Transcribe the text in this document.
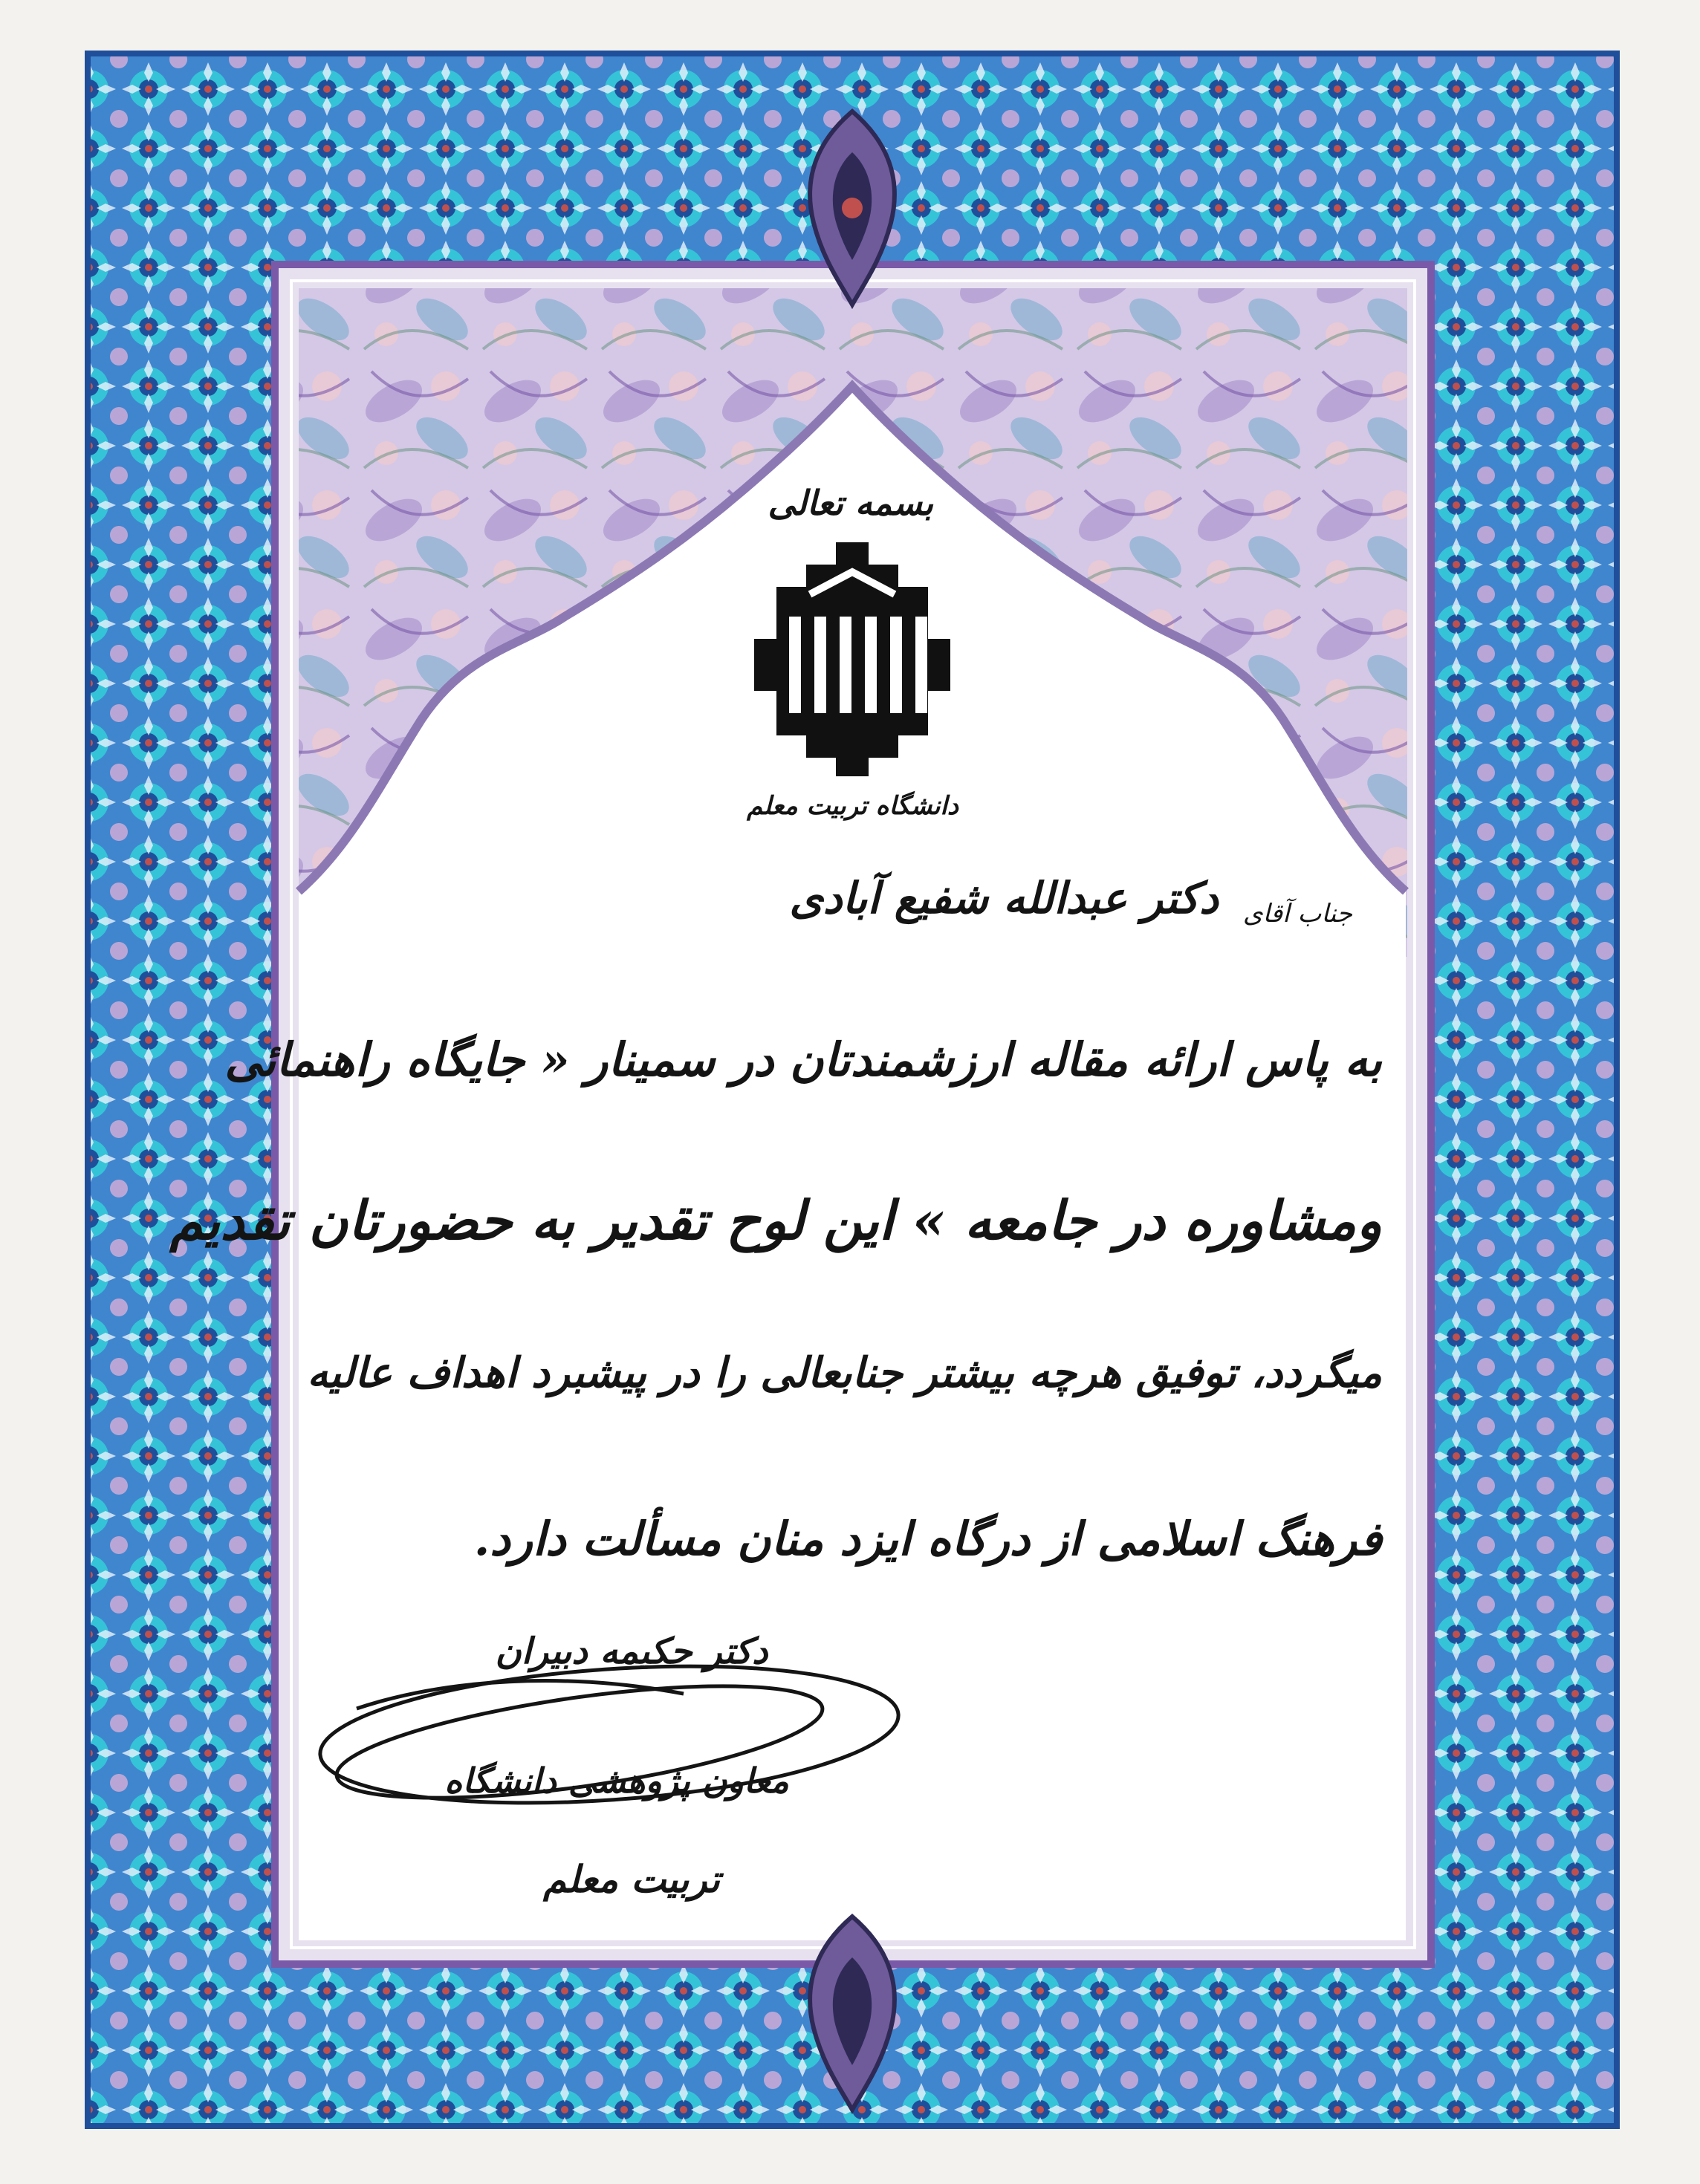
بسمه تعالی
دانشگاه تربیت معلم
جناب آقای
دکتر عبدالله شفیع آبادی
به پاس ارائه مقاله ارزشمندتان در سمینار « جایگاه راهنمائی
ومشاوره در جامعه » این لوح تقدیر به حضورتان تقدیم
میگردد، توفیق هرچه بیشتر جنابعالی را در پیشبرد اهداف عالیه
فرهنگ اسلامی از درگاه ایزد منان مسألت دارد.
دکتر حکیمه دبیران
معاون پژوهشی دانشگاه
تربیت معلم
